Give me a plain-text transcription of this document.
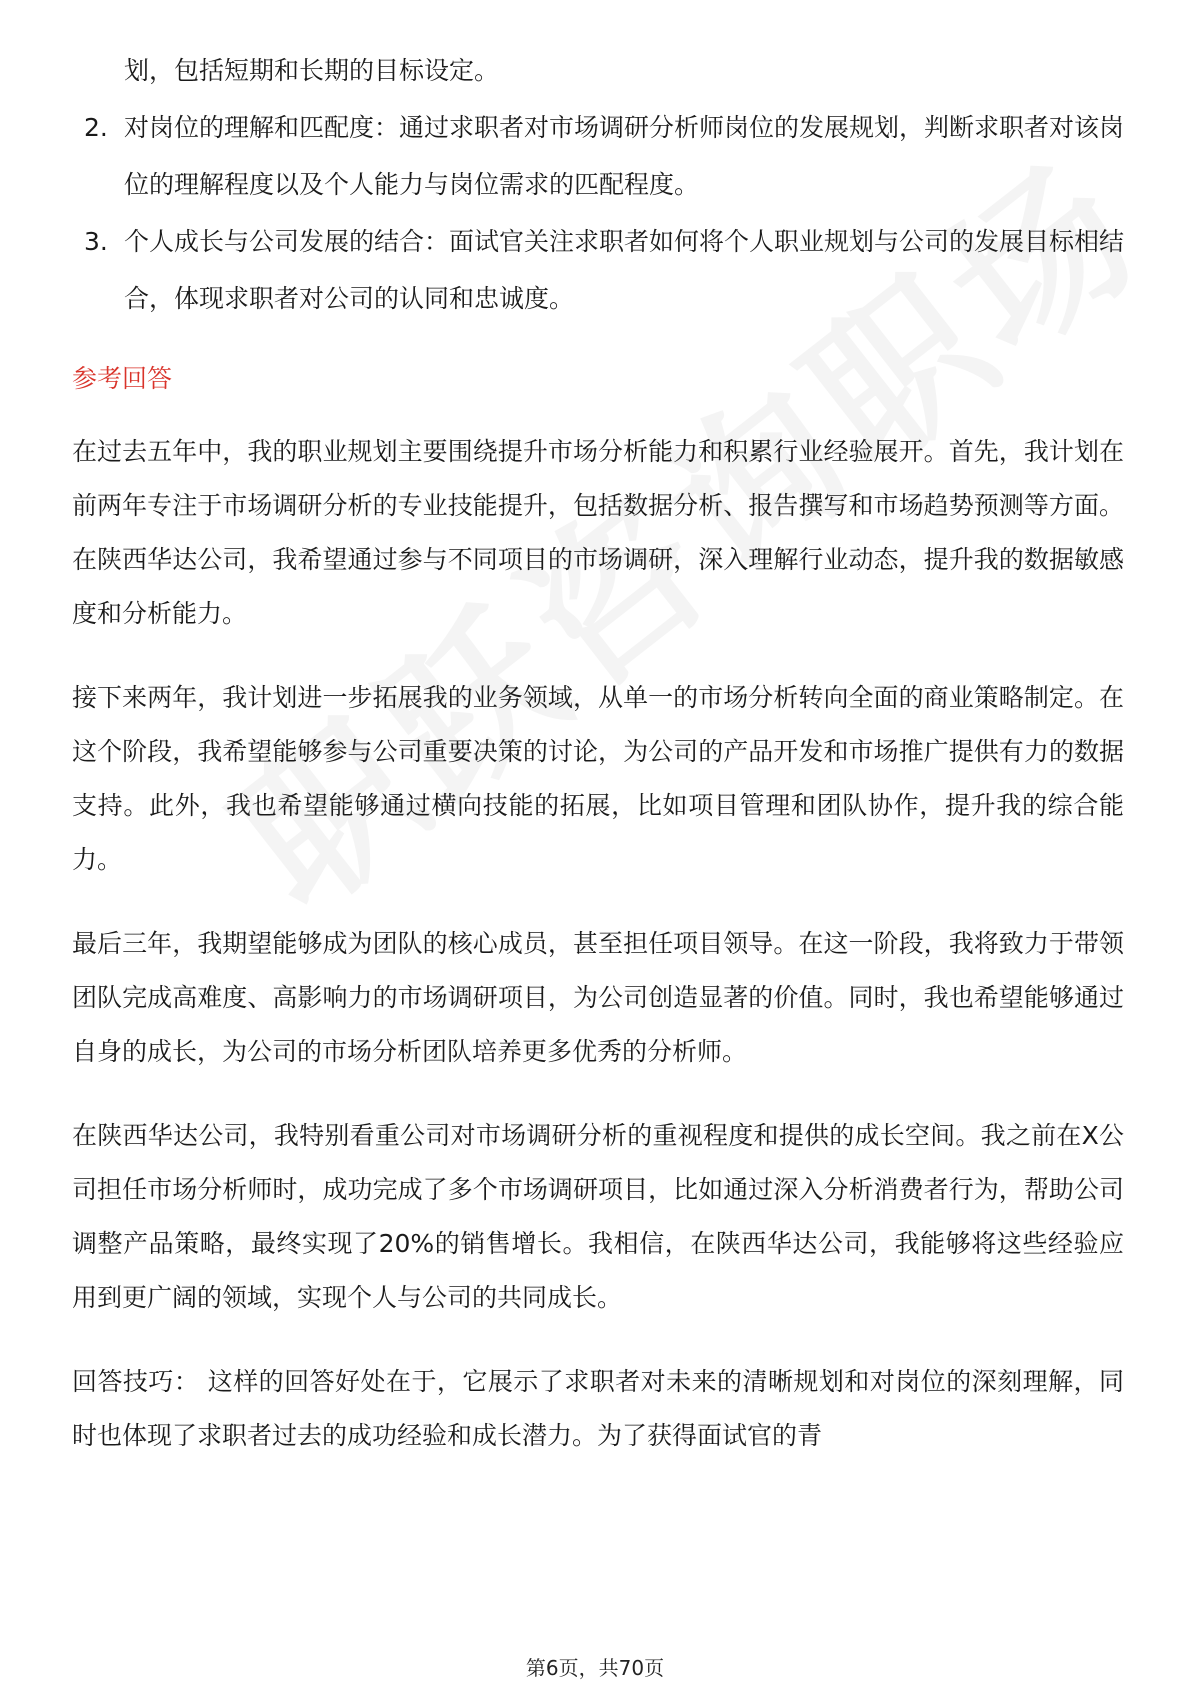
划，包括短期和长期的目标设定。
2. 对岗位的理解和匹配度：通过求职者对市场调研分析师岗位的发展规划，判断求职者对该岗位的理解程度以及个人能力与岗位需求的匹配程度。
3. 个人成长与公司发展的结合：面试官关注求职者如何将个人职业规划与公司的发展目标相结合，体现求职者对公司的认同和忠诚度。
参考回答

在过去五年中，我的职业规划主要围绕提升市场分析能力和积累行业经验展开。首先，我计划在前两年专注于市场调研分析的专业技能提升，包括数据分析、报告撰写和市场趋势预测等方面。在陕西华达公司，我希望通过参与不同项目的市场调研，深入理解行业动态，提升我的数据敏感度和分析能力。

接下来两年，我计划进一步拓展我的业务领域，从单一的市场分析转向全面的商业策略制定。在这个阶段，我希望能够参与公司重要决策的讨论，为公司的产品开发和市场推广提供有力的数据支持。此外，我也希望能够通过横向技能的拓展，比如项目管理和团队协作，提升我的综合能力。

最后三年，我期望能够成为团队的核心成员，甚至担任项目领导。在这一阶段，我将致力于带领团队完成高难度、高影响力的市场调研项目，为公司创造显著的价值。同时，我也希望能够通过自身的成长，为公司的市场分析团队培养更多优秀的分析师。

在陕西华达公司，我特别看重公司对市场调研分析的重视程度和提供的成长空间。我之前在X公司担任市场分析师时，成功完成了多个市场调研项目，比如通过深入分析消费者行为，帮助公司调整产品策略，最终实现了20%的销售增长。我相信，在陕西华达公司，我能够将这些经验应用到更广阔的领域，实现个人与公司的共同成长。

回答技巧： 这样的回答好处在于，它展示了求职者对未来的清晰规划和对岗位的深刻理解，同时也体现了求职者过去的成功经验和成长潜力。为了获得面试官的青

第6页，共70页
